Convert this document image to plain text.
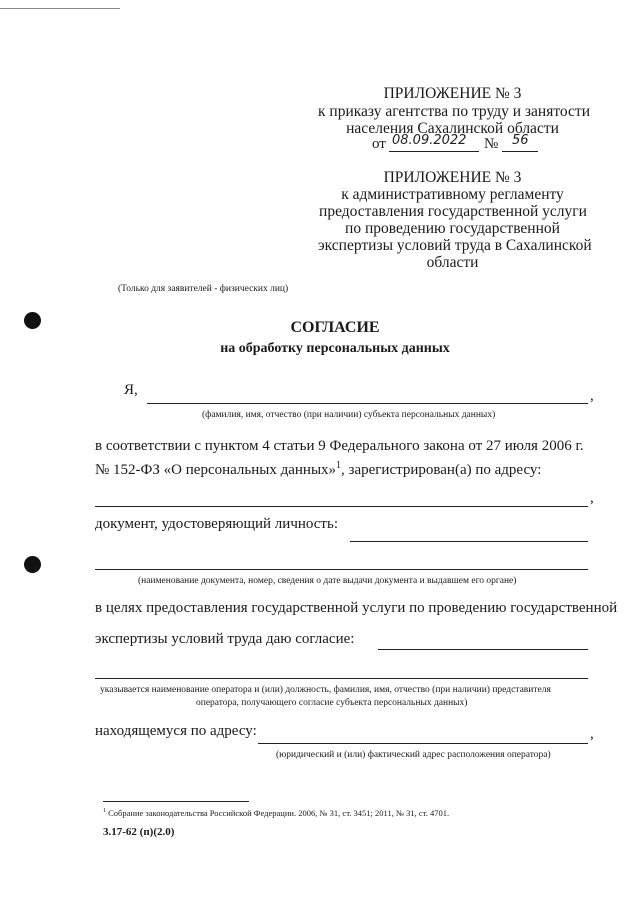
ПРИЛОЖЕНИЕ № 3
к приказу агентства по труду и занятости
населения Сахалинской области
от 08.09.2022 № 56
ПРИЛОЖЕНИЕ № 3
к административному регламенту
предоставления государственной услуги
по проведению государственной
экспертизы условий труда в Сахалинской
области
(Только для заявителей - физических лиц)
СОГЛАСИЕ
на обработку персональных данных
Я,	,
(фамилия, имя, отчество (при наличии) субъекта персональных данных)
в соответствии с пунктом 4 статьи 9 Федерального закона от 27 июля 2006 г.
№ 152-ФЗ «О персональных данных»$^1$, зарегистрирован(а) по адресу:
,
документ, удостоверяющий личность:
(наименование документа, номер, сведения о дате выдачи документа и выдавшем его органе)
в целях предоставления государственной услуги по проведению государственной
экспертизы условий труда даю согласие:
указывается наименование оператора и (или) должность, фамилия, имя, отчество (при наличии) представителя
оператора, получающего согласие субъекта персональных данных)
находящемуся по адресу:	,
(юридический и (или) фактический адрес расположения оператора)
$^1$ Собрание законодательства Российской Федерации. 2006, № 31, ст. 3451; 2011, № 31, ст. 4701.
3.17-62 (п)(2.0)
